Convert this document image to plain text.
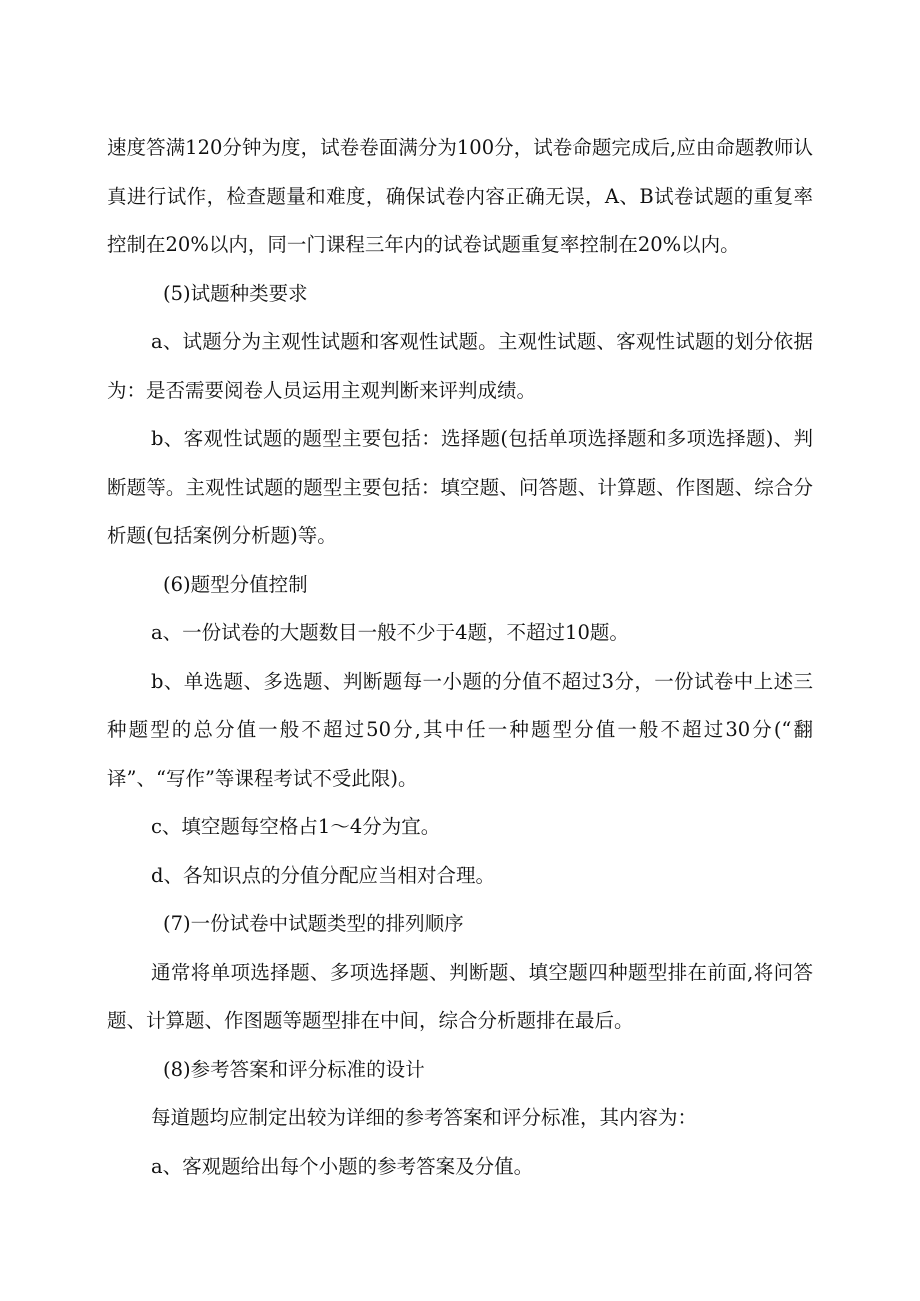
速度答满120分钟为度，试卷卷面满分为100分，试卷命题完成后,应由命题教师认真进行试作，检查题量和难度，确保试卷内容正确无误，A、B试卷试题的重复率控制在20%以内，同一门课程三年内的试卷试题重复率控制在20%以内。

(5)试题种类要求

a、试题分为主观性试题和客观性试题。主观性试题、客观性试题的划分依据为：是否需要阅卷人员运用主观判断来评判成绩。

b、客观性试题的题型主要包括：选择题(包括单项选择题和多项选择题)、判断题等。主观性试题的题型主要包括：填空题、问答题、计算题、作图题、综合分析题(包括案例分析题)等。

(6)题型分值控制

a、一份试卷的大题数目一般不少于4题，不超过10题。

b、单选题、多选题、判断题每一小题的分值不超过3分，一份试卷中上述三种题型的总分值一般不超过50分,其中任一种题型分值一般不超过30分(“翻译”、“写作”等课程考试不受此限)。

c、填空题每空格占1～4分为宜。

d、各知识点的分值分配应当相对合理。

(7)一份试卷中试题类型的排列顺序

通常将单项选择题、多项选择题、判断题、填空题四种题型排在前面,将问答题、计算题、作图题等题型排在中间，综合分析题排在最后。

(8)参考答案和评分标准的设计

每道题均应制定出较为详细的参考答案和评分标准，其内容为：

a、客观题给出每个小题的参考答案及分值。
